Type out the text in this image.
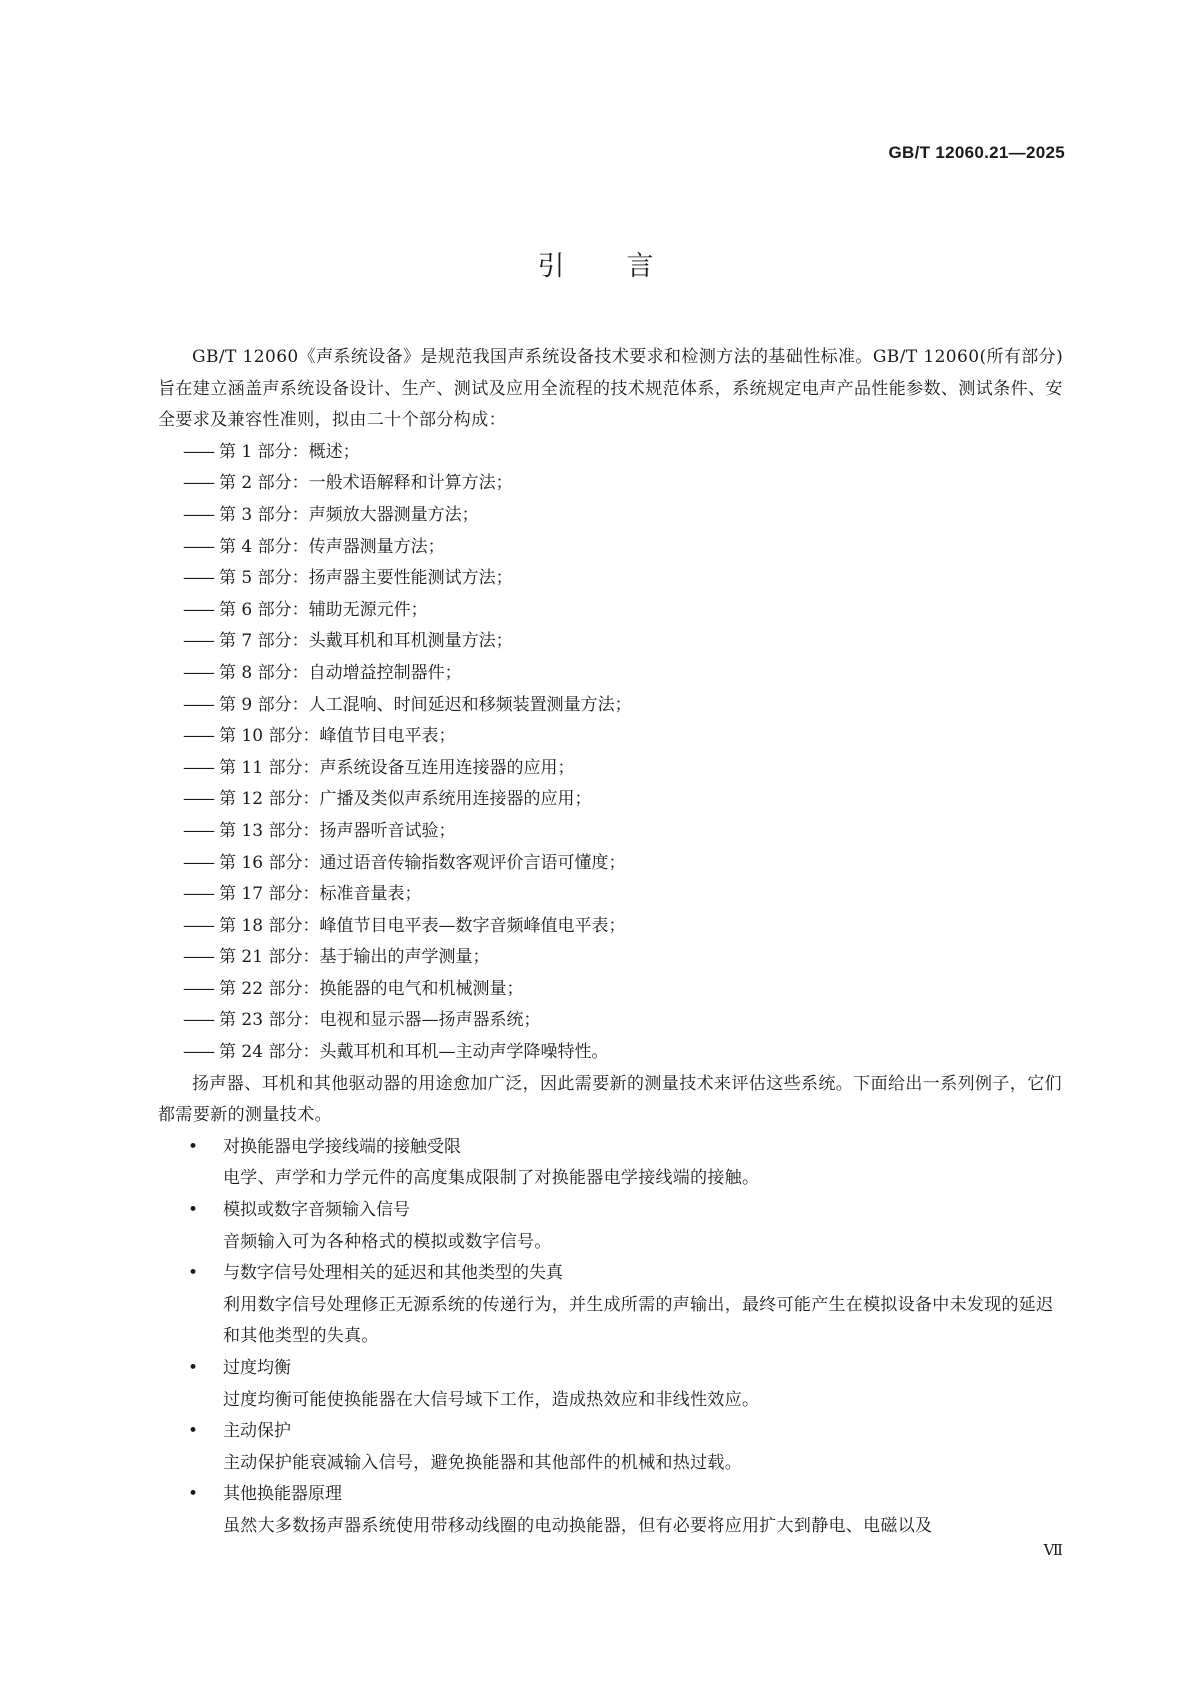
GB/T 12060.21—2025
引言
GB/T 12060《声系统设备》是规范我国声系统设备技术要求和检测方法的基础性标准。GB/T 12060(所有部分)旨在建立涵盖声系统设备设计、生产、测试及应用全流程的技术规范体系，系统规定电声产品性能参数、测试条件、安全要求及兼容性准则，拟由二十个部分构成：
—— 第 1 部分：概述；
—— 第 2 部分：一般术语解释和计算方法；
—— 第 3 部分：声频放大器测量方法；
—— 第 4 部分：传声器测量方法；
—— 第 5 部分：扬声器主要性能测试方法；
—— 第 6 部分：辅助无源元件；
—— 第 7 部分：头戴耳机和耳机测量方法；
—— 第 8 部分：自动增益控制器件；
—— 第 9 部分：人工混响、时间延迟和移频装置测量方法；
—— 第 10 部分：峰值节目电平表；
—— 第 11 部分：声系统设备互连用连接器的应用；
—— 第 12 部分：广播及类似声系统用连接器的应用；
—— 第 13 部分：扬声器听音试验；
—— 第 16 部分：通过语音传输指数客观评价言语可懂度；
—— 第 17 部分：标准音量表；
—— 第 18 部分：峰值节目电平表—数字音频峰值电平表；
—— 第 21 部分：基于输出的声学测量；
—— 第 22 部分：换能器的电气和机械测量；
—— 第 23 部分：电视和显示器—扬声器系统；
—— 第 24 部分：头戴耳机和耳机—主动声学降噪特性。
扬声器、耳机和其他驱动器的用途愈加广泛，因此需要新的测量技术来评估这些系统。下面给出一系列例子，它们都需要新的测量技术。
• 对换能器电学接线端的接触受限
电学、声学和力学元件的高度集成限制了对换能器电学接线端的接触。
• 模拟或数字音频输入信号
音频输入可为各种格式的模拟或数字信号。
• 与数字信号处理相关的延迟和其他类型的失真
利用数字信号处理修正无源系统的传递行为，并生成所需的声输出，最终可能产生在模拟设备中未发现的延迟和其他类型的失真。
• 过度均衡
过度均衡可能使换能器在大信号域下工作，造成热效应和非线性效应。
• 主动保护
主动保护能衰减输入信号，避免换能器和其他部件的机械和热过载。
• 其他换能器原理
虽然大多数扬声器系统使用带移动线圈的电动换能器，但有必要将应用扩大到静电、电磁以及
Ⅶ
